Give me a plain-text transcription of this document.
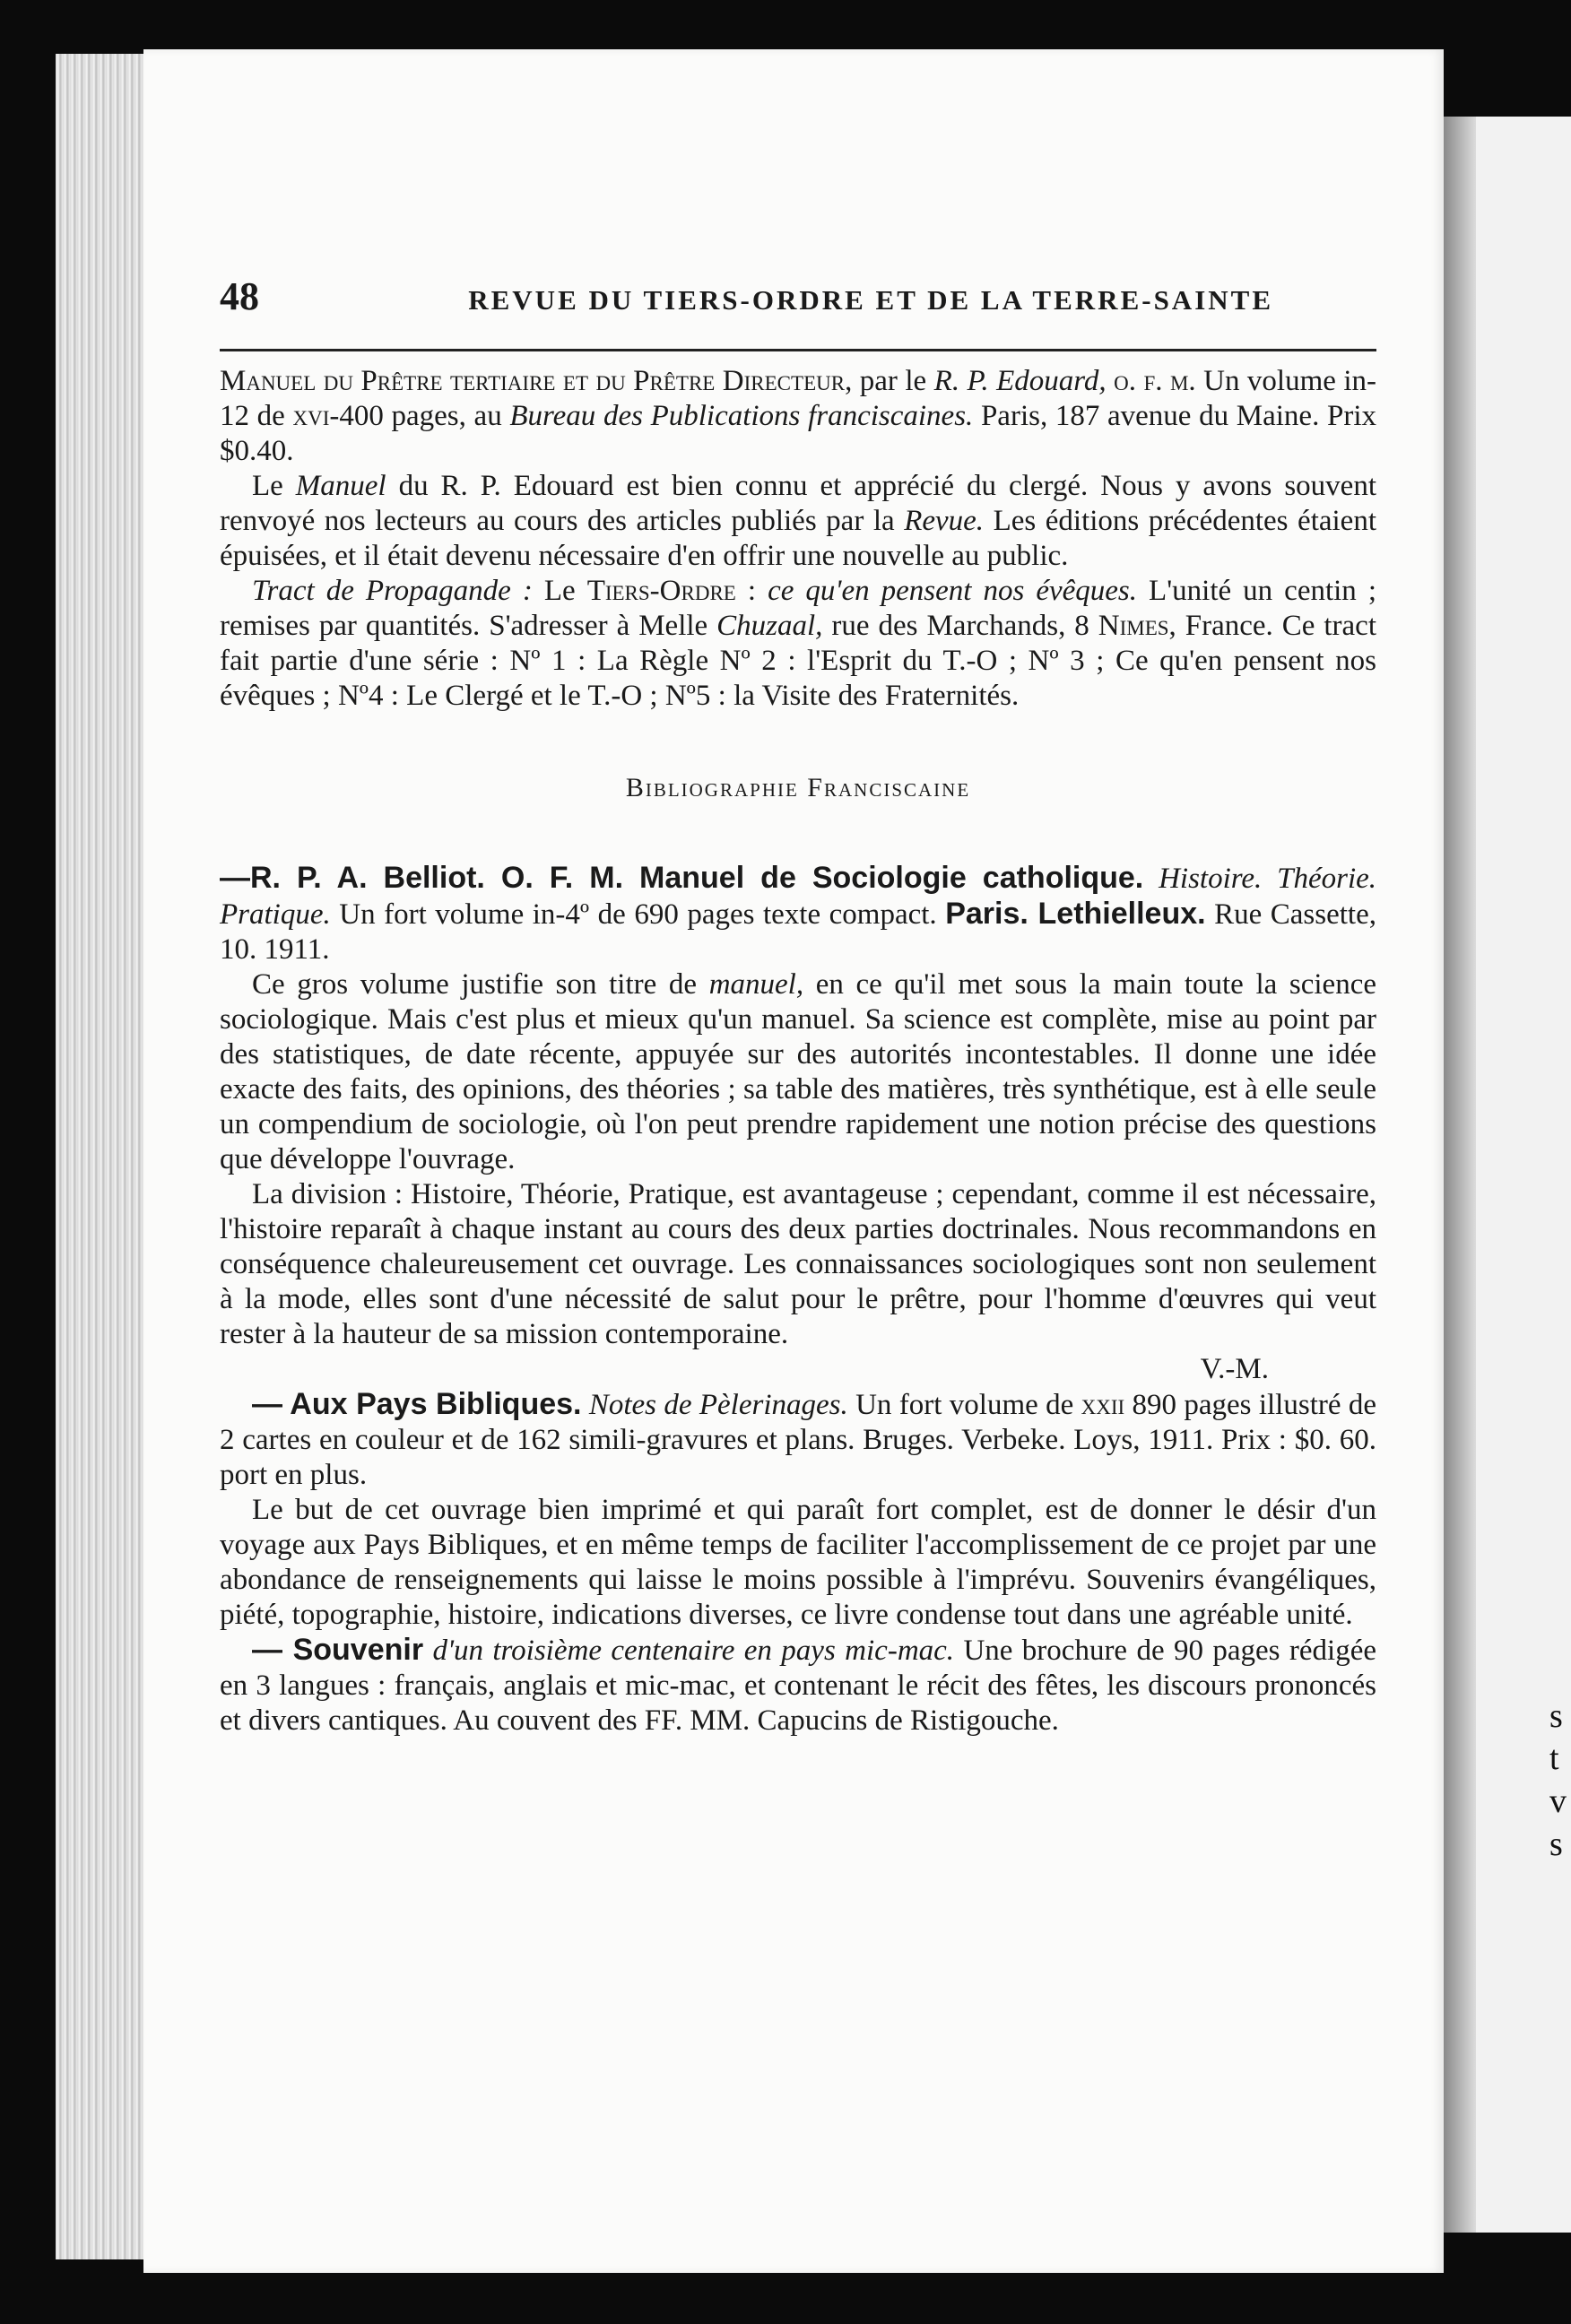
s
t
v
s
48	REVUE DU TIERS-ORDRE ET DE LA TERRE-SAINTE

Manuel du Prêtre tertiaire et du Prêtre Directeur, par le R. P. Edouard, o. f. m. Un volume in-12 de xvi-400 pages, au Bureau des Publications franciscaines. Paris, 187 avenue du Maine. Prix $0.40.

Le Manuel du R. P. Edouard est bien connu et apprécié du clergé. Nous y avons souvent renvoyé nos lecteurs au cours des articles publiés par la Revue. Les éditions précédentes étaient épuisées, et il était devenu nécessaire d'en offrir une nouvelle au public.

Tract de Propagande : Le Tiers-Ordre : ce qu'en pensent nos évêques. L'unité un centin ; remises par quantités. S'adresser à Melle Chuzaal, rue des Marchands, 8 Nimes, France. Ce tract fait partie d'une série : Nº 1 : La Règle Nº 2 : l'Esprit du T.-O ; Nº 3 ; Ce qu'en pensent nos évêques ; Nº4 : Le Clergé et le T.-O ; Nº5 : la Visite des Fraternités.

Bibliographie Franciscaine

—R. P. A. Belliot. O. F. M. Manuel de Sociologie catholique. Histoire. Théorie. Pratique. Un fort volume in-4º de 690 pages texte compact. Paris. Lethielleux. Rue Cassette, 10. 1911.

Ce gros volume justifie son titre de manuel, en ce qu'il met sous la main toute la science sociologique. Mais c'est plus et mieux qu'un manuel. Sa science est complète, mise au point par des statistiques, de date récente, appuyée sur des autorités incontestables. Il donne une idée exacte des faits, des opinions, des théories ; sa table des matières, très synthétique, est à elle seule un compendium de sociologie, où l'on peut prendre rapidement une notion précise des questions que développe l'ouvrage.

La division : Histoire, Théorie, Pratique, est avantageuse ; cependant, comme il est nécessaire, l'histoire reparaît à chaque instant au cours des deux parties doctrinales. Nous recommandons en conséquence chaleureusement cet ouvrage. Les connaissances sociologiques sont non seulement à la mode, elles sont d'une nécessité de salut pour le prêtre, pour l'homme d'œuvres qui veut rester à la hauteur de sa mission contemporaine.

V.-M.

— Aux Pays Bibliques. Notes de Pèlerinages. Un fort volume de xxii 890 pages illustré de 2 cartes en couleur et de 162 simili-gravures et plans. Bruges. Verbeke. Loys, 1911. Prix : $0. 60. port en plus.

Le but de cet ouvrage bien imprimé et qui paraît fort complet, est de donner le désir d'un voyage aux Pays Bibliques, et en même temps de faciliter l'accomplissement de ce projet par une abondance de renseignements qui laisse le moins possible à l'imprévu. Souvenirs évangéliques, piété, topographie, histoire, indications diverses, ce livre condense tout dans une agréable unité.

— Souvenir d'un troisième centenaire en pays mic-mac. Une brochure de 90 pages rédigée en 3 langues : français, anglais et mic-mac, et contenant le récit des fêtes, les discours prononcés et divers cantiques. Au couvent des FF. MM. Capucins de Ristigouche.
